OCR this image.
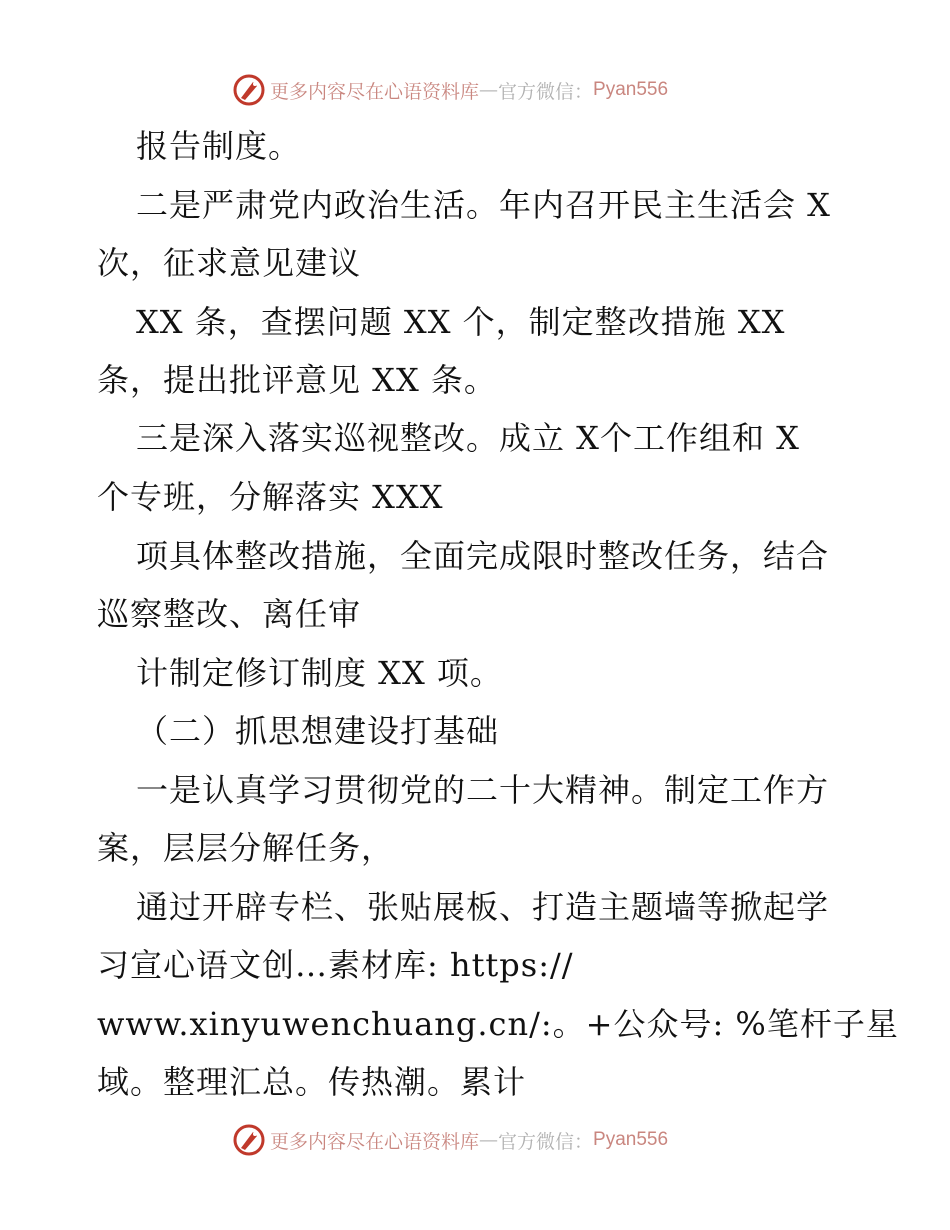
更多内容尽在心语资料库 — 官方微信： Pyan556

报告制度。

二是严肃党内政治生活。年内召开民主生活会 X

次，征求意见建议

XX 条，查摆问题 XX 个，制定整改措施 XX

条，提出批评意见 XX 条。

三是深入落实巡视整改。成立 X个工作组和 X

个专班，分解落实 XXX

项具体整改措施，全面完成限时整改任务，结合

巡察整改、离任审

计制定修订制度 XX 项。

（二）抓思想建设打基础

一是认真学习贯彻党的二十大精神。制定工作方

案，层层分解任务，

通过开辟专栏、张贴展板、打造主题墙等掀起学

习宣心语文创…素材库: https://

www.xinyuwenchuang.cn/:。+公众号: %笔杆子星

域。整理汇总。传热潮。累计

更多内容尽在心语资料库 — 官方微信： Pyan556
